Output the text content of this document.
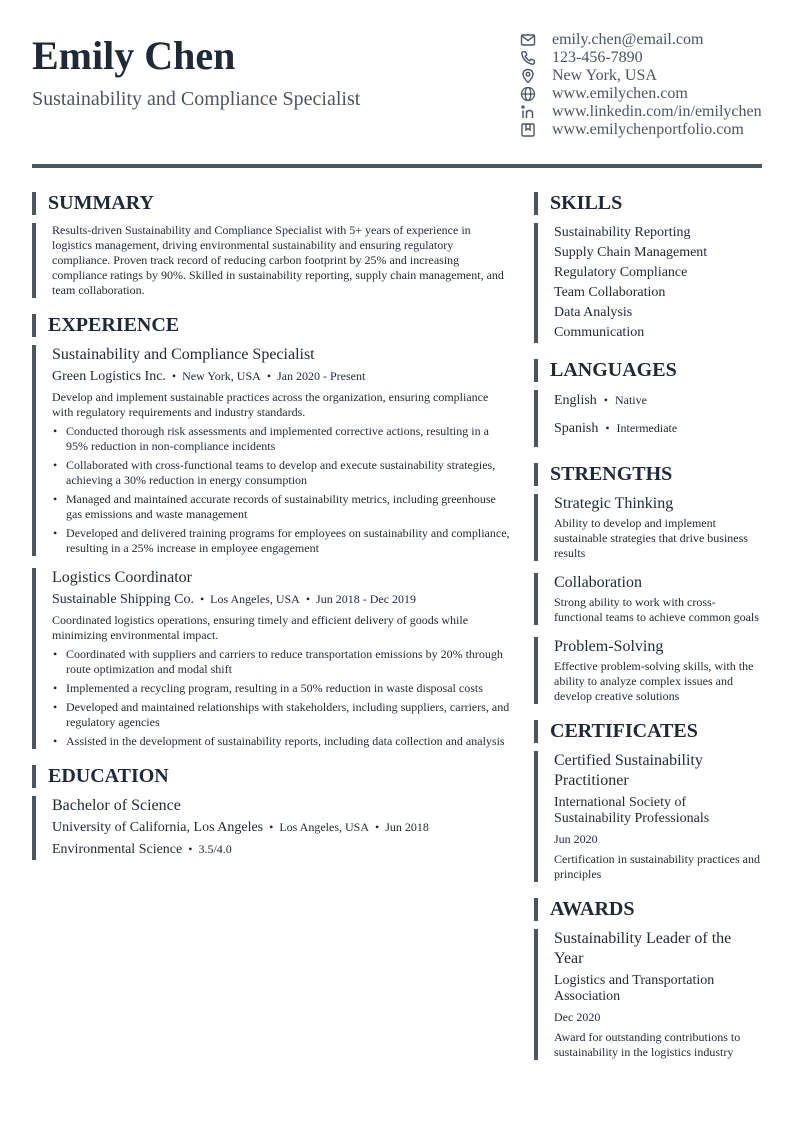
Emily Chen
Sustainability and Compliance Specialist
emily.chen@email.com
123-456-7890
New York, USA
www.emilychen.com
www.linkedin.com/in/emilychen
www.emilychenportfolio.com
SUMMARY
Results-driven Sustainability and Compliance Specialist with 5+ years of experience in logistics management, driving environmental sustainability and ensuring regulatory compliance. Proven track record of reducing carbon footprint by 25% and increasing compliance ratings by 90%. Skilled in sustainability reporting, supply chain management, and team collaboration.
EXPERIENCE
Sustainability and Compliance Specialist
Green Logistics Inc. • New York, USA • Jan 2020 - Present
Develop and implement sustainable practices across the organization, ensuring compliance with regulatory requirements and industry standards.
• Conducted thorough risk assessments and implemented corrective actions, resulting in a 95% reduction in non-compliance incidents
• Collaborated with cross-functional teams to develop and execute sustainability strategies, achieving a 30% reduction in energy consumption
• Managed and maintained accurate records of sustainability metrics, including greenhouse gas emissions and waste management
• Developed and delivered training programs for employees on sustainability and compliance, resulting in a 25% increase in employee engagement
Logistics Coordinator
Sustainable Shipping Co. • Los Angeles, USA • Jun 2018 - Dec 2019
Coordinated logistics operations, ensuring timely and efficient delivery of goods while minimizing environmental impact.
• Coordinated with suppliers and carriers to reduce transportation emissions by 20% through route optimization and modal shift
• Implemented a recycling program, resulting in a 50% reduction in waste disposal costs
• Developed and maintained relationships with stakeholders, including suppliers, carriers, and regulatory agencies
• Assisted in the development of sustainability reports, including data collection and analysis
EDUCATION
Bachelor of Science
University of California, Los Angeles • Los Angeles, USA • Jun 2018
Environmental Science • 3.5/4.0
SKILLS
Sustainability Reporting
Supply Chain Management
Regulatory Compliance
Team Collaboration
Data Analysis
Communication
LANGUAGES
English • Native
Spanish • Intermediate
STRENGTHS
Strategic Thinking
Ability to develop and implement sustainable strategies that drive business results
Collaboration
Strong ability to work with cross-functional teams to achieve common goals
Problem-Solving
Effective problem-solving skills, with the ability to analyze complex issues and develop creative solutions
CERTIFICATES
Certified Sustainability Practitioner
International Society of Sustainability Professionals
Jun 2020
Certification in sustainability practices and principles
AWARDS
Sustainability Leader of the Year
Logistics and Transportation Association
Dec 2020
Award for outstanding contributions to sustainability in the logistics industry
